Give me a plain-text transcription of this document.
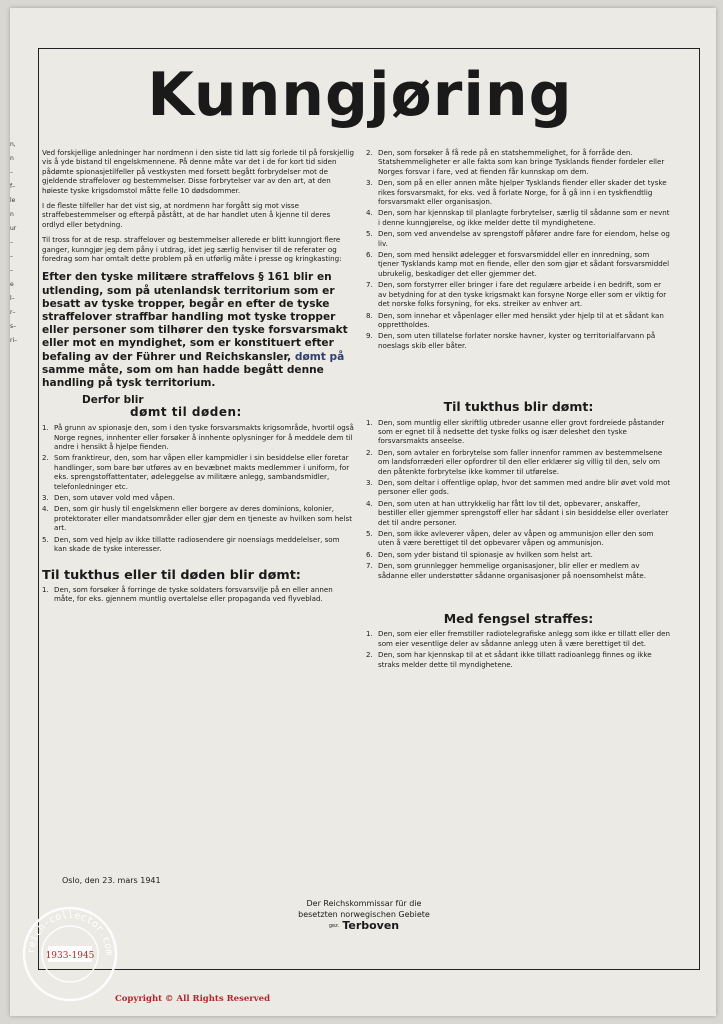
n,
n
–
f–
le
n
ur
–
–
–
e
l–
r–
s–
ri–
Kunngjøring

Ved forskjellige anledninger har nordmenn i den siste tid latt sig forlede til på forskjellig vis å yde bistand til engelskmennene. På denne måte var det i de for kort tid siden pådømte spionasjetilfeller på vestkysten med forsett begått forbrydelser mot de gjeldende straffelover og bestemmelser. Disse forbrytelser var av den art, at den høieste tyske krigsdomstol måtte felle 10 dødsdommer.

I de fleste tilfeller har det vist sig, at nordmenn har forgått sig mot visse straffebestemmelser og efterpå påstått, at de har handlet uten å kjenne til deres ordlyd eller betydning.

Til tross for at de resp. straffelover og bestemmelser allerede er blitt kunngjort flere ganger, kunngjør jeg dem påny i utdrag, idet jeg særlig henviser til de referater og foredrag som har omtalt dette problem på en utførlig måte i presse og kringkasting:

Efter den tyske militære straffelovs § 161 blir en utlending, som på utenlandsk territorium som er besatt av tyske tropper, begår en efter de tyske straffelover straffbar handling mot tyske tropper eller personer som tilhører den tyske forsvarsmakt eller mot en myndighet, som er konstituert efter befaling av der Führer und Reichskansler, dømt på samme måte, som om han hadde begått denne handling på tysk territorium.
Derfor blir
dømt til døden:
1. På grunn av spionasje den, som i den tyske forsvarsmakts krigsområde, hvortil også Norge regnes, innhenter eller forsøker å innhente oplysninger for å meddele dem til andre i hensikt å hjelpe fienden.
2. Som franktireur, den, som har våpen eller kampmidler i sin besiddelse eller foretar handlinger, som bare bør utføres av en bevæbnet makts medlemmer i uniform, for eks. sprengstoffattentater, ødeleggelse av militære anlegg, sambandsmidler, telefonledninger etc.
3. Den, som utøver vold med våpen.
4. Den, som gir husly til engelskmenn eller borgere av deres dominions, kolonier, protektorater eller mandatsområder eller gjør dem en tjeneste av hvilken som helst art.
5. Den, som ved hjelp av ikke tillatte radiosendere gir noensiags meddelelser, som kan skade de tyske interesser.
Til tukthus eller til døden blir dømt:
1. Den, som forsøker å forringe de tyske soldaters forsvarsvilje på en eller annen måte, for eks. gjennem muntlig overtalelse eller propaganda ved flyveblad.
2. Den, som forsøker å få rede på en statshemmelighet, for å forråde den. Statshemmeligheter er alle fakta som kan bringe Tysklands fiender fordeler eller Norges forsvar i fare, ved at fienden får kunnskap om dem.
3. Den, som på en eller annen måte hjelper Tysklands fiender eller skader det tyske rikes forsvarsmakt, for eks. ved å forlate Norge, for å gå inn i en tyskfiendtlig forsvarsmakt eller organisasjon.
4. Den, som har kjennskap til planlagte forbrytelser, særlig til sådanne som er nevnt i denne kunngjørelse, og ikke melder dette til myndighetene.
5. Den, som ved anvendelse av sprengstoff påfører andre fare for eiendom, helse og liv.
6. Den, som med hensikt ødelegger et forsvarsmiddel eller en innredning, som tjener Tysklands kamp mot en fiende, eller den som gjør et sådant forsvarsmiddel ubrukelig, beskadiger det eller gjemmer det.
7. Den, som forstyrrer eller bringer i fare det regulære arbeide i en bedrift, som er av betydning for at den tyske krigsmakt kan forsyne Norge eller som er viktig for det norske folks forsyning, for eks. streiker av enhver art.
8. Den, som innehar et våpenlager eller med hensikt yder hjelp til at et sådant kan opprettholdes.
9. Den, som uten tillatelse forlater norske havner, kyster og territorialfarvann på noeslags skib eller båter.
Til tukthus blir dømt:
1. Den, som muntlig eller skriftlig utbreder usanne eller grovt fordreiede påstander som er egnet til å nedsette det tyske folks og især deleshet den tyske forsvarsmakts anseelse.
2. Den, som avtaler en forbrytelse som faller innenfor rammen av bestemmelsene om landsforræderi eller opfordrer til den eller erklærer sig villig til den, selv om den påtenkte forbrytelse ikke kommer til utførelse.
3. Den, som deltar i offentlige opløp, hvor det sammen med andre blir øvet vold mot personer eller gods.
4. Den, som uten at han uttrykkelig har fått lov til det, opbevarer, anskaffer, bestiller eller gjemmer sprengstoff eller har sådant i sin besiddelse eller overlater det til andre personer.
5. Den, som ikke avleverer våpen, deler av våpen og ammunisjon eller den som uten å være berettiget til det opbevarer våpen og ammunisjon.
6. Den, som yder bistand til spionasje av hvilken som helst art.
7. Den, som grunnlegger hemmelige organisasjoner, blir eller er medlem av sådanne eller understøtter sådanne organisasjoner på noensomhelst måte.
Med fengsel straffes:
1. Den, som eier eller fremstiller radiotelegrafiske anlegg som ikke er tillatt eller den som eier vesentlige deler av sådanne anlegg uten å være berettiget til det.
2. Den, som har kjennskap til at et sådant ikke tillatt radioanlegg finnes og ikke straks melder dette til myndighetene.
Oslo, den 23. mars 1941
Der Reichskommissar für die
besetzten norwegischen Gebiete
gez. Terboven
reich-collector.com
1933-1945
Copyright © All Rights Reserved
